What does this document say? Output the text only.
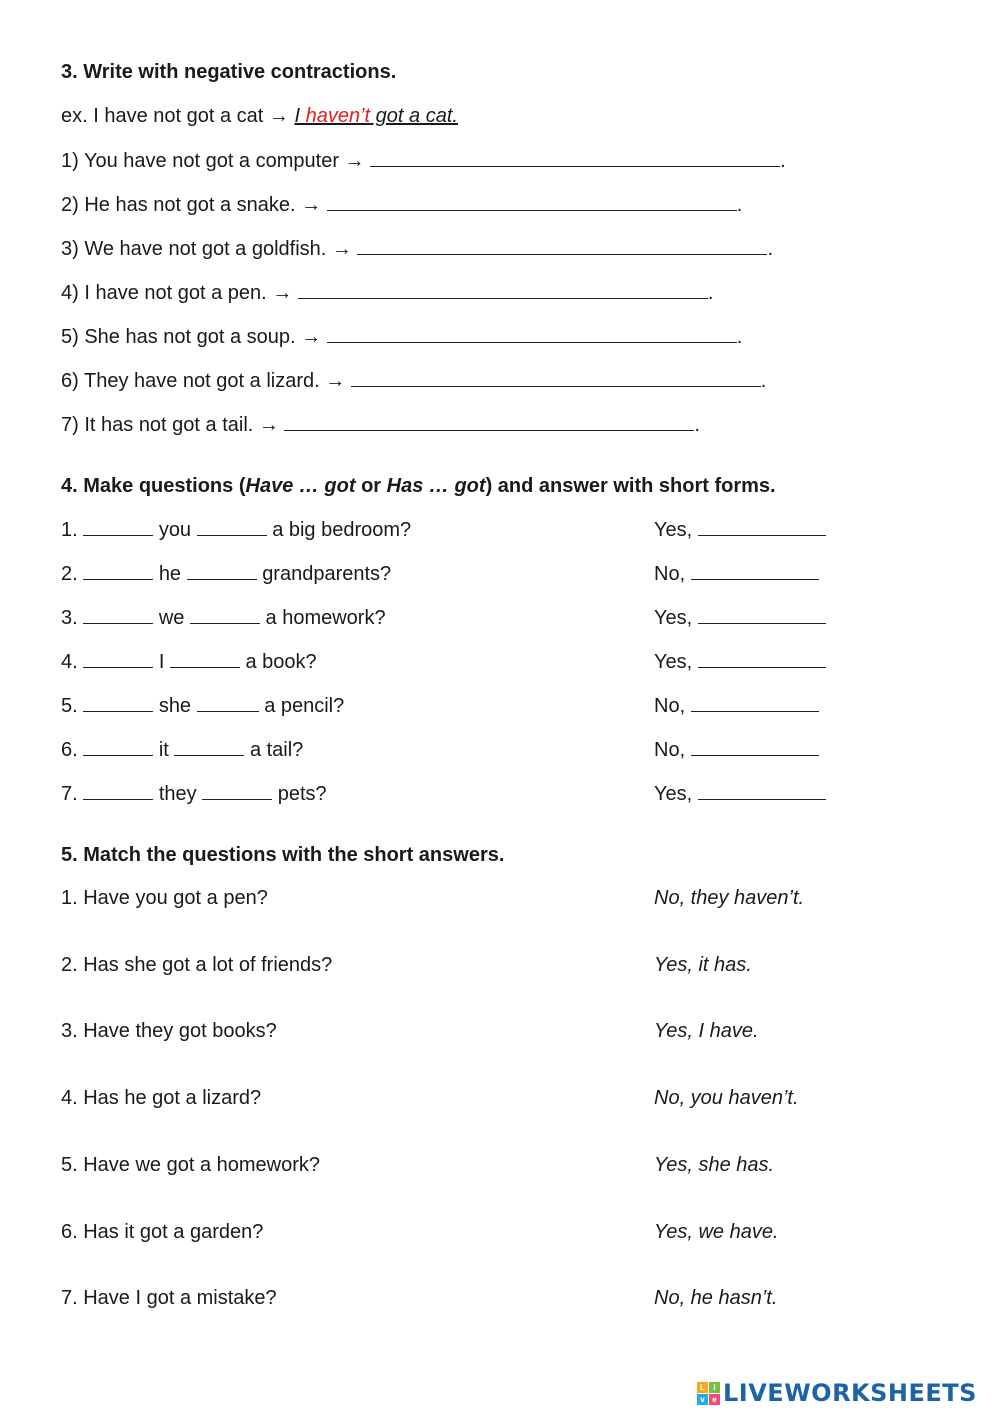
3. Write with negative contractions.
ex. I have not got a cat → I haven’t got a cat.
1) You have not got a computer →	.
2) He has not got a snake. →	.
3) We have not got a goldfish. →	.
4) I have not got a pen. →	.
5) She has not got a soup. →	.
6) They have not got a lizard. →	.
7) It has not got a tail. →	.
4. Make questions (Have … got or Has … got) and answer with short forms.
1.	you	a big bedroom?	Yes,
2.	he	grandparents?	No,
3.	we	a homework?	Yes,
4.	I	a book?	Yes,
5.	she	a pencil?	No,
6.	it	a tail?	No,
7.	they	pets?	Yes,
5. Match the questions with the short answers.
1. Have you got a pen?	No, they haven’t.
2. Has she got a lot of friends?	Yes, it has.
3. Have they got books?	Yes, I have.
4. Has he got a lizard?	No, you haven’t.
5. Have we got a homework?	Yes, she has.
6. Has it got a garden?	Yes, we have.
7. Have I got a mistake?	No, he hasn’t.
L	i
v e LIVEWORKSHEETS
